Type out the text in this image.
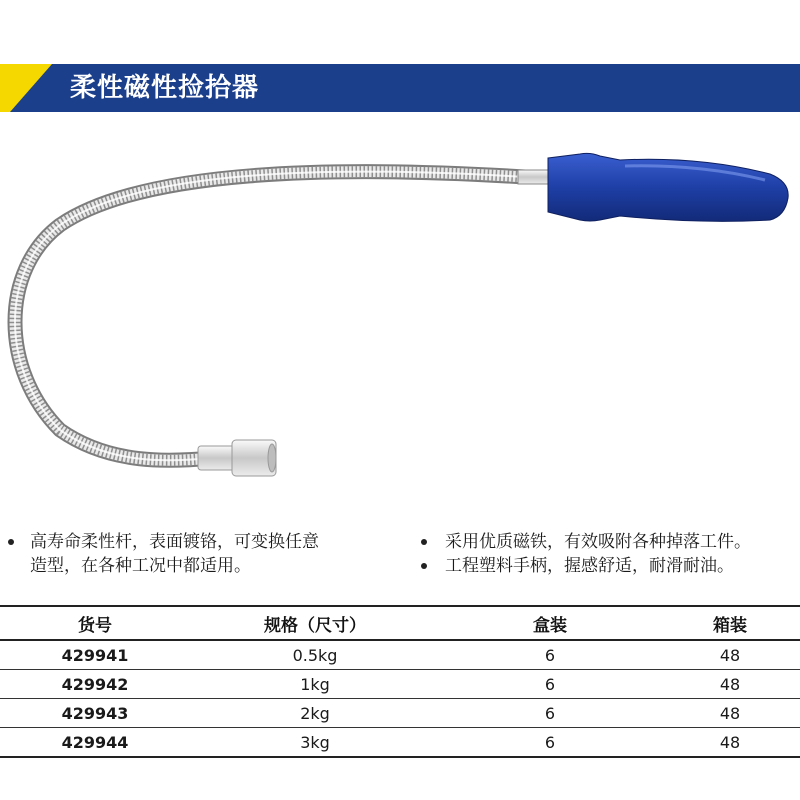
柔性磁性捡拾器
高寿命柔性杆，表面镀铬，可变换任意
造型，在各种工况中都适用。
采用优质磁铁，有效吸附各种掉落工件。
工程塑料手柄，握感舒适，耐滑耐油。
货号	规格（尺寸）	盒装	箱装
429941	0.5kg	6	48
429942	1kg	6	48
429943	2kg	6	48
429944	3kg	6	48
